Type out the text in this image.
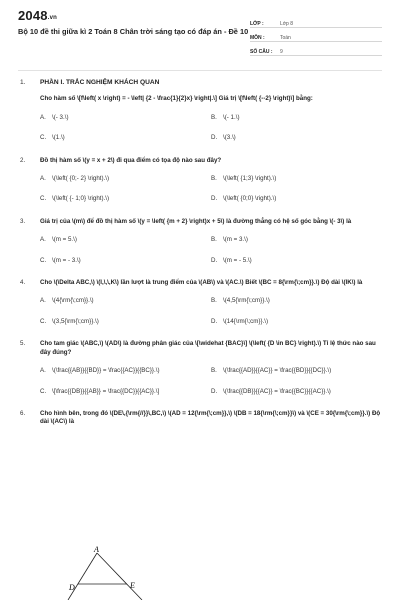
2048.vn
Bộ 10 đề thi giữa kì 2 Toán 8 Chân trời sáng tạo có đáp án - Đề 10
LỚP :	Lớp 8
MÔN :	Toán
SỐ CÂU :	9
1. PHẦN I. TRẮC NGHIỆM KHÁCH QUAN
Cho hàm số \[f\left( x \right) = - \left| {2 - \frac{1}{2}x} \right|.\] Giá trị \[f\left( {--2} \right)\] bằng:
A. \(- 3.\)	B. \(- 1.\)
C. \(1.\)	D. \(3.\)
2. Đồ thị hàm số \(y = x + 2\) đi qua điểm có tọa độ nào sau đây?
A. \(\left( {0;- 2} \right).\)	B. \(\left( {1;3} \right).\)
C. \(\left( {- 1;0} \right).\)	D. \(\left( {0;0} \right).\)
3. Giá trị của \(m\) để đồ thị hàm số \(y = \left( {m + 2} \right)x + 5\) là đường thẳng có hệ số góc bằng \(- 3\) là
A. \(m = 5.\)	B. \(m = 3.\)
C. \(m = - 3.\)	D. \(m = - 5.\)
4. Cho \(\Delta ABC,\) \(I,\,\,K\) lần lượt là trung điểm của \(AB\) và \(AC.\) Biết \(BC = 8{\rm{\;cm}}.\) Độ dài \(IK\) là
A. \(4{\rm{\;cm}}.\)	B. \(4,5{\rm{\;cm}}.\)
C. \(3,5{\rm{\;cm}}.\)	D. \(14{\rm{\;cm}}.\)
5. Cho tam giác \(ABC,\) \(AD\) là đường phân giác của \[\widehat {BAC}\] \(\left( {D \in BC} \right).\) Tỉ lệ thức nào sau đây đúng?
A. \(\frac{{AB}}{{BD}} = \frac{{AC}}{{BC}}.\)	B. \(\frac{{AD}}{{AC}} = \frac{{BD}}{{DC}}.\)
C. \[\frac{{DB}}{{AB}} = \frac{{DC}}{{AC}}.\]	D. \(\frac{{DB}}{{AC}} = \frac{{BC}}{{AC}}.\)
6. Cho hình bên, trong đó \(DE\,{\rm{//}}\,BC,\) \(AD = 12{\rm{\;cm}},\) \(DB = 18{\rm{\;cm}}\) và \(CE = 30{\rm{\;cm}}.\) Độ dài \(AC\) là
A
D	E
